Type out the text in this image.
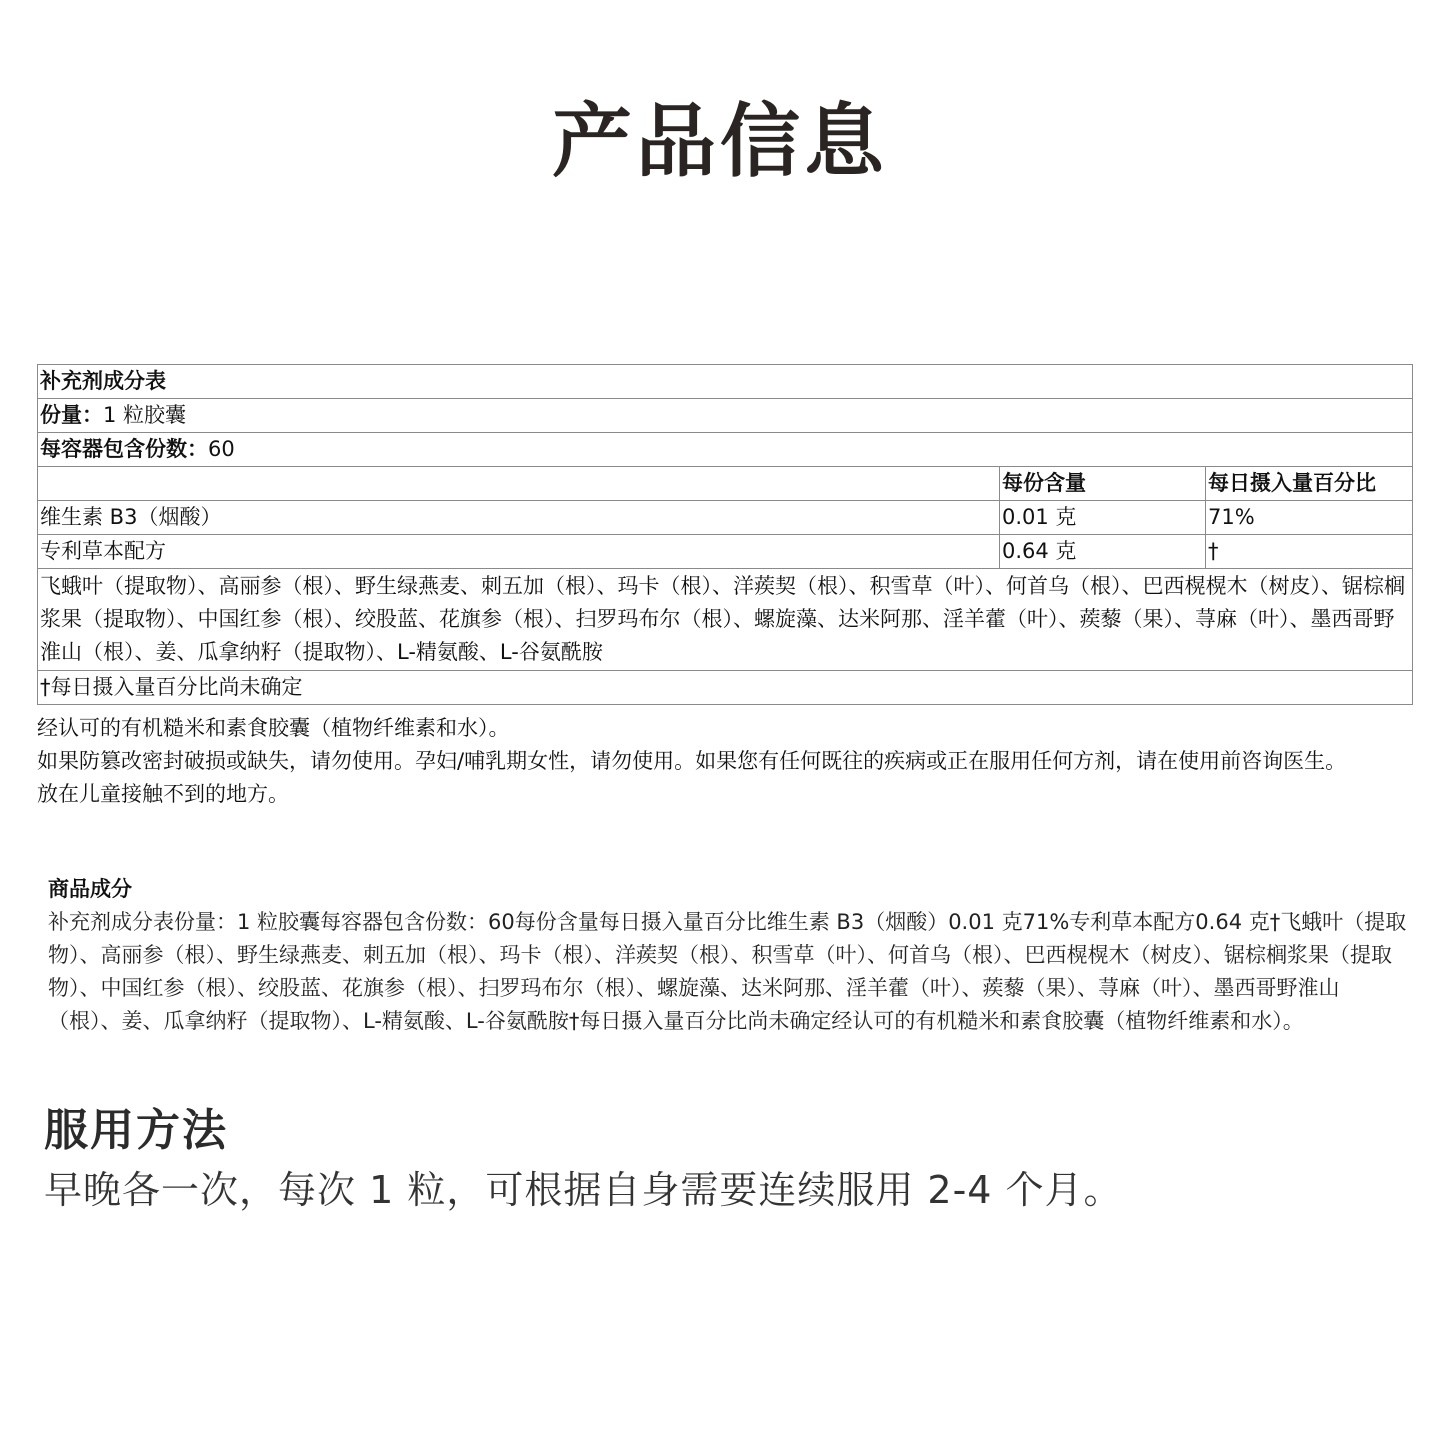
产品信息
补充剂成分表		
份量：1 粒胶囊		
每容器包含份数：60		
	每份含量	每日摄入量百分比
维生素 B3（烟酸）	0.01 克	71%
专利草本配方	0.64 克	†
飞蛾叶（提取物）、高丽参（根）、野生绿燕麦、刺五加（根）、玛卡（根）、洋蒺契（根）、积雪草（叶）、何首乌（根）、巴西榥榥木（树皮）、锯棕榈浆果（提取物）、中国红参（根）、绞股蓝、花旗参（根）、扫罗玛布尔（根）、螺旋藻、达米阿那、淫羊藿（叶）、蒺藜（果）、荨麻（叶）、墨西哥野淮山（根）、姜、瓜拿纳籽（提取物）、L-精氨酸、L-谷氨酰胺		
†每日摄入量百分比尚未确定		
经认可的有机糙米和素食胶囊（植物纤维素和水）。
如果防篡改密封破损或缺失，请勿使用。孕妇/哺乳期女性，请勿使用。如果您有任何既往的疾病或正在服用任何方剂，请在使用前咨询医生。
放在儿童接触不到的地方。
商品成分
补充剂成分表份量：1 粒胶囊每容器包含份数：60每份含量每日摄入量百分比维生素 B3（烟酸）0.01 克71%专利草本配方0.64 克†飞蛾叶（提取物）、高丽参（根）、野生绿燕麦、刺五加（根）、玛卡（根）、洋蒺契（根）、积雪草（叶）、何首乌（根）、巴西榥榥木（树皮）、锯棕榈浆果（提取物）、中国红参（根）、绞股蓝、花旗参（根）、扫罗玛布尔（根）、螺旋藻、达米阿那、淫羊藿（叶）、蒺藜（果）、荨麻（叶）、墨西哥野淮山（根）、姜、瓜拿纳籽（提取物）、L-精氨酸、L-谷氨酰胺†每日摄入量百分比尚未确定经认可的有机糙米和素食胶囊（植物纤维素和水）。
服用方法
早晚各一次，每次 1 粒，可根据自身需要连续服用 2-4 个月。
